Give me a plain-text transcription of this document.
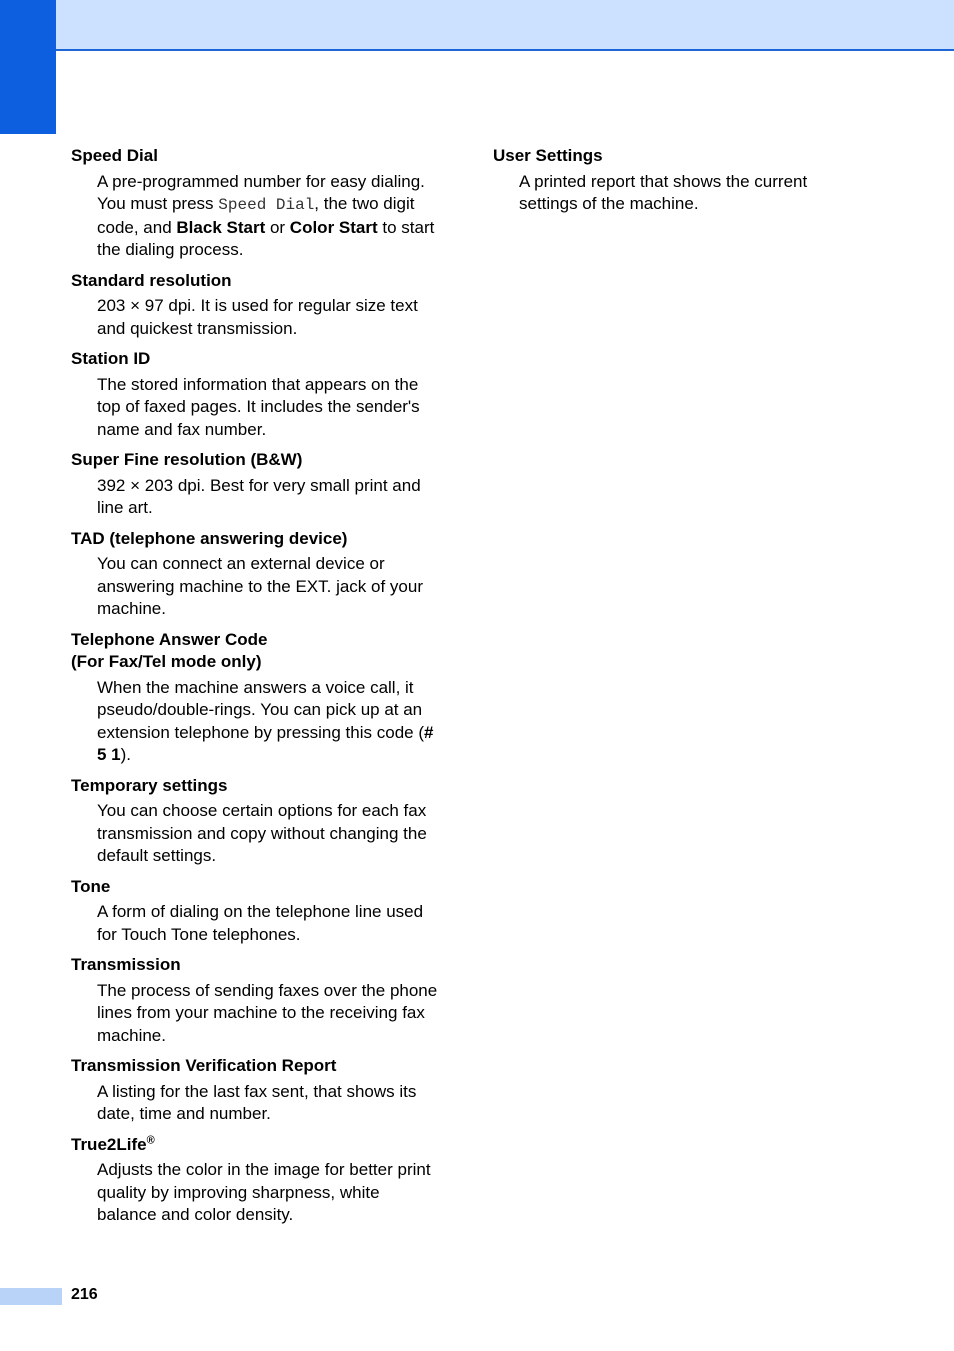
Speed Dial
A pre-programmed number for easy dialing. You must press Speed Dial, the two digit code, and Black Start or Color Start to start the dialing process.
Standard resolution
203 × 97 dpi. It is used for regular size text and quickest transmission.
Station ID
The stored information that appears on the top of faxed pages. It includes the sender's name and fax number.
Super Fine resolution (B&W)
392 × 203 dpi. Best for very small print and line art.
TAD (telephone answering device)
You can connect an external device or answering machine to the EXT. jack of your machine.
Telephone Answer Code
(For Fax/Tel mode only)
When the machine answers a voice call, it pseudo/double-rings. You can pick up at an extension telephone by pressing this code (# 5 1).
Temporary settings
You can choose certain options for each fax transmission and copy without changing the default settings.
Tone
A form of dialing on the telephone line used for Touch Tone telephones.
Transmission
The process of sending faxes over the phone lines from your machine to the receiving fax machine.
Transmission Verification Report
A listing for the last fax sent, that shows its date, time and number.
True2Life®
Adjusts the color in the image for better print quality by improving sharpness, white balance and color density.
User Settings
A printed report that shows the current settings of the machine.
216
